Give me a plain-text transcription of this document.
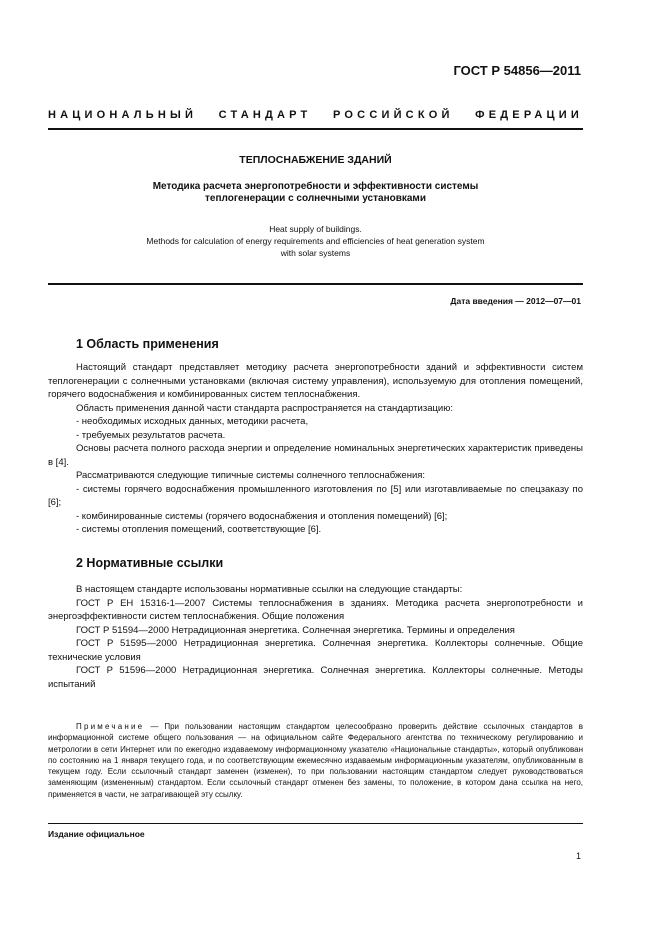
ГОСТ Р 54856—2011
НАЦИОНАЛЬНЫЙ СТАНДАРТ РОССИЙСКОЙ ФЕДЕРАЦИИ
ТЕПЛОСНАБЖЕНИЕ ЗДАНИЙ
Методика расчета энергопотребности и эффективности системы
теплогенерации с солнечными установками
Heat supply of buildings.
Methods for calculation of energy requirements and efficiencies of heat generation system
with solar systems
Дата введения — 2012—07—01
1 Область применения

Настоящий стандарт представляет методику расчета энергопотребности зданий и эффективности систем теплогенерации с солнечными установками (включая систему управления), используемую для отопления помещений, горячего водоснабжения и комбинированных систем теплоснабжения.

Область применения данной части стандарта распространяется на стандартизацию:

- необходимых исходных данных, методики расчета,

- требуемых результатов расчета.

Основы расчета полного расхода энергии и определение номинальных энергетических характеристик приведены в [4].

Рассматриваются следующие типичные системы солнечного теплоснабжения:

- системы горячего водоснабжения промышленного изготовления по [5] или изготавливаемые по спецзаказу по [6];

- комбинированные системы (горячего водоснабжения и отопления помещений) [6];

- системы отопления помещений, соответствующие [6].

2 Нормативные ссылки

В настоящем стандарте использованы нормативные ссылки на следующие стандарты:

ГОСТ Р ЕН 15316-1—2007 Системы теплоснабжения в зданиях. Методика расчета энергопотребности и энергоэффективности систем теплоснабжения. Общие положения

ГОСТ Р 51594—2000 Нетрадиционная энергетика. Солнечная энергетика. Термины и определения

ГОСТ Р 51595—2000 Нетрадиционная энергетика. Солнечная энергетика. Коллекторы солнечные. Общие технические условия

ГОСТ Р 51596—2000 Нетрадиционная энергетика. Солнечная энергетика. Коллекторы солнечные. Методы испытаний

Примечание — При пользовании настоящим стандартом целесообразно проверить действие ссылочных стандартов в информационной системе общего пользования — на официальном сайте Федерального агентства по техническому регулированию и метрологии в сети Интернет или по ежегодно издаваемому информационному указателю «Национальные стандарты», который опубликован по состоянию на 1 января текущего года, и по соответствующим ежемесячно издаваемым информационным указателям, опубликованным в текущем году. Если ссылочный стандарт заменен (изменен), то при пользовании настоящим стандартом следует руководствоваться заменяющим (измененным) стандартом. Если ссылочный стандарт отменен без замены, то положение, в котором дана ссылка на него, применяется в части, не затрагивающей эту ссылку.

Издание официальное
1
